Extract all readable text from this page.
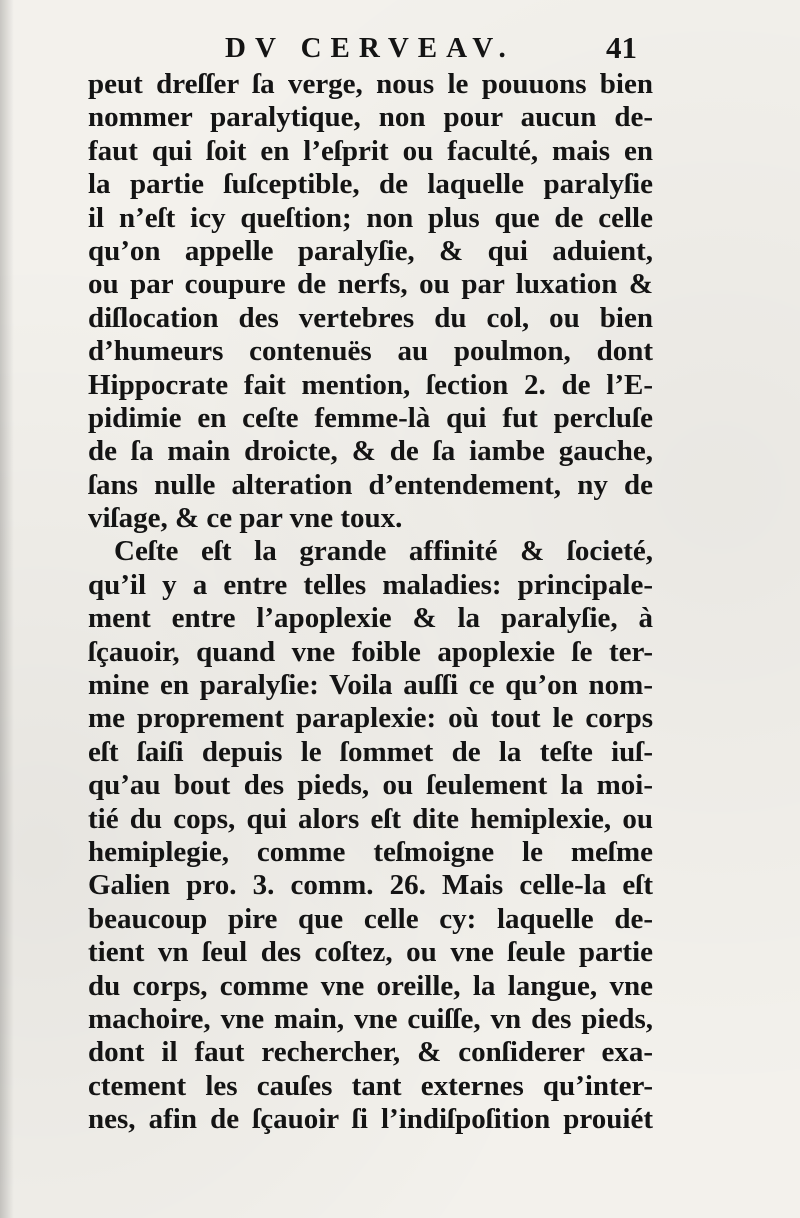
DV CERVEAV.	41
peut dreſſer ſa verge, nous le pouuons bien
nommer paralytique, non pour aucun de-
faut qui ſoit en l’eſprit ou faculté, mais en
la partie ſuſceptible, de laquelle paralyſie
il n’eſt icy queſtion; non plus que de celle
qu’on appelle paralyſie, & qui aduient,
ou par coupure de nerfs, ou par luxation &
diſlocation des vertebres du col, ou bien
d’humeurs contenuës au poulmon, dont
Hippocrate fait mention, ſection 2. de l’E-
pidimie en ceſte femme-là qui fut percluſe
de ſa main droicte, & de ſa iambe gauche,
ſans nulle alteration d’entendement, ny de
viſage, & ce par vne toux.
Ceſte eſt la grande affinité & ſocieté,
qu’il y a entre telles maladies: principale-
ment entre l’apoplexie & la paralyſie, à
ſçauoir, quand vne foible apoplexie ſe ter-
mine en paralyſie: Voila auſſi ce qu’on nom-
me proprement paraplexie: où tout le corps
eſt ſaiſi depuis le ſommet de la teſte iuſ-
qu’au bout des pieds, ou ſeulement la moi-
tié du cops, qui alors eſt dite hemiplexie, ou
hemiplegie, comme teſmoigne le meſme
Galien pro. 3. comm. 26. Mais celle-la eſt
beaucoup pire que celle cy: laquelle de-
tient vn ſeul des coſtez, ou vne ſeule partie
du corps, comme vne oreille, la langue, vne
machoire, vne main, vne cuiſſe, vn des pieds,
dont il faut rechercher, & conſiderer exa-
ctement les cauſes tant externes qu’inter-
nes, afin de ſçauoir ſi l’indiſpoſition prouiét
